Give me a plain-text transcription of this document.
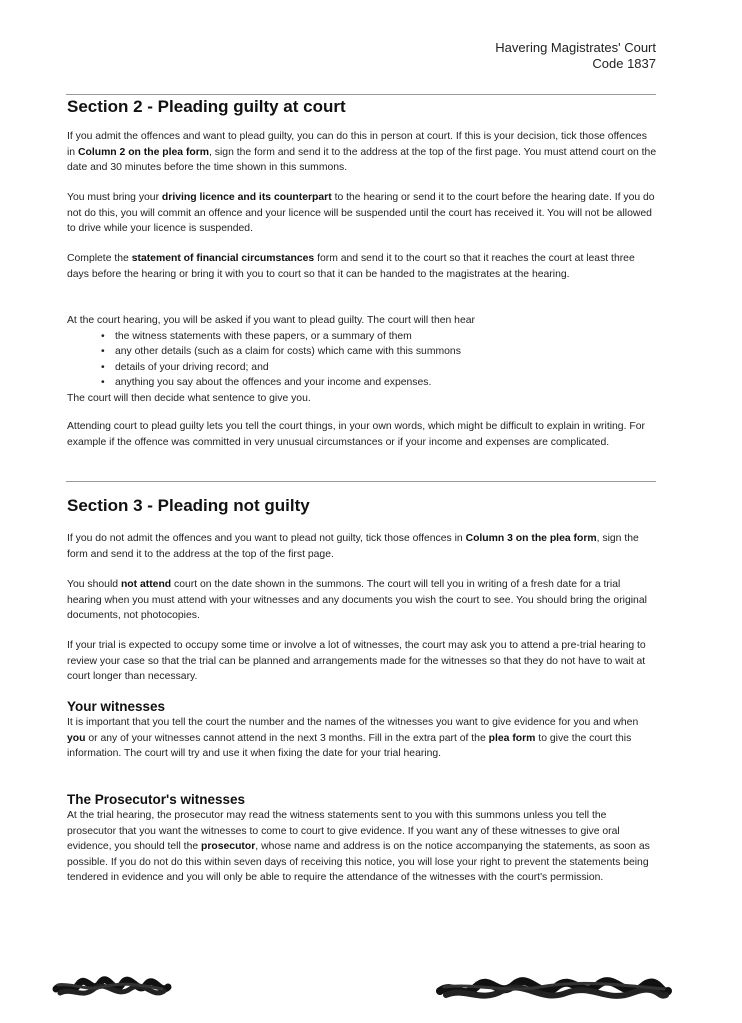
Havering Magistrates' Court
Code 1837
Section 2 - Pleading guilty at court

If you admit the offences and want to plead guilty, you can do this in person at court. If this is your decision, tick those offences in Column 2 on the plea form, sign the form and send it to the address at the top of the first page. You must attend court on the date and 30 minutes before the time shown in this summons.

You must bring your driving licence and its counterpart to the hearing or send it to the court before the hearing date. If you do not do this, you will commit an offence and your licence will be suspended until the court has received it. You will not be allowed to drive while your licence is suspended.

Complete the statement of financial circumstances form and send it to the court so that it reaches the court at least three days before the hearing or bring it with you to court so that it can be handed to the magistrates at the hearing.

At the court hearing, you will be asked if you want to plead guilty. The court will then hear
• the witness statements with these papers, or a summary of them
• any other details (such as a claim for costs) which came with this summons
• details of your driving record; and
• anything you say about the offences and your income and expenses.
The court will then decide what sentence to give you.

Attending court to plead guilty lets you tell the court things, in your own words, which might be difficult to explain in writing. For example if the offence was committed in very unusual circumstances or if your income and expenses are complicated.

Section 3 - Pleading not guilty

If you do not admit the offences and you want to plead not guilty, tick those offences in Column 3 on the plea form, sign the form and send it to the address at the top of the first page.

You should not attend court on the date shown in the summons. The court will tell you in writing of a fresh date for a trial hearing when you must attend with your witnesses and any documents you wish the court to see. You should bring the original documents, not photocopies.

If your trial is expected to occupy some time or involve a lot of witnesses, the court may ask you to attend a pre-trial hearing to review your case so that the trial can be planned and arrangements made for the witnesses so that they do not have to wait at court longer than necessary.

Your witnesses

It is important that you tell the court the number and the names of the witnesses you want to give evidence for you and when you or any of your witnesses cannot attend in the next 3 months. Fill in the extra part of the plea form to give the court this information. The court will try and use it when fixing the date for your trial hearing.

The Prosecutor's witnesses

At the trial hearing, the prosecutor may read the witness statements sent to you with this summons unless you tell the prosecutor that you want the witnesses to come to court to give evidence. If you want any of these witnesses to give oral evidence, you should tell the prosecutor, whose name and address is on the notice accompanying the statements, as soon as possible. If you do not do this within seven days of receiving this notice, you will lose your right to prevent the statements being tendered in evidence and you will only be able to require the attendance of the witnesses with the court's permission.
